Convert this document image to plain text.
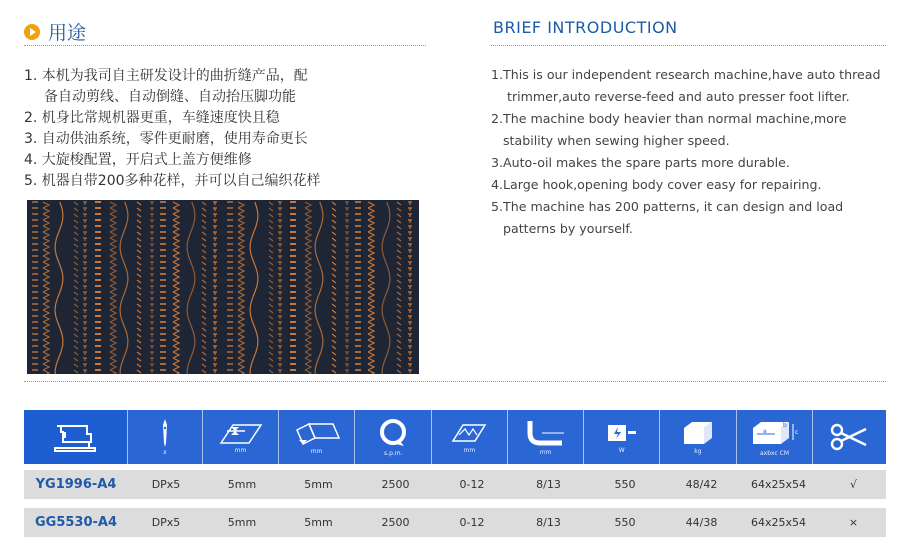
用途	BRIEF INTRODUCTION
1. 本机为我司自主研发设计的曲折缝产品，配
备自动剪线、自动倒缝、自动抬压脚功能
2. 机身比常规机器更重，车缝速度快且稳
3. 自动供油系统，零件更耐磨，使用寿命更长
4. 大旋梭配置，开启式上盖方便维修
5. 机器自带200多种花样，并可以自己编织花样
1.This is our independent research machine,have auto thread
trimmer,auto reverse-feed and auto presser foot lifter.
2.The machine body heavier than normal machine,more
stability when sewing higher speed.
3.Auto-oil makes the spare parts more durable.
4.Large hook,opening body cover easy for repairing.
5.The machine has 200 patterns, it can design and load
patterns by yourself.
x	mm	mm	s.p.m.	mm	mm	W	kg
a
b
c
axbxc CM
YG1996-A4	DPx5	5mm	5mm	2500	0-12	8/13	550	48/42	64x25x54	√
GG5530-A4	DPx5	5mm	5mm	2500	0-12	8/13	550	44/38	64x25x54	×
